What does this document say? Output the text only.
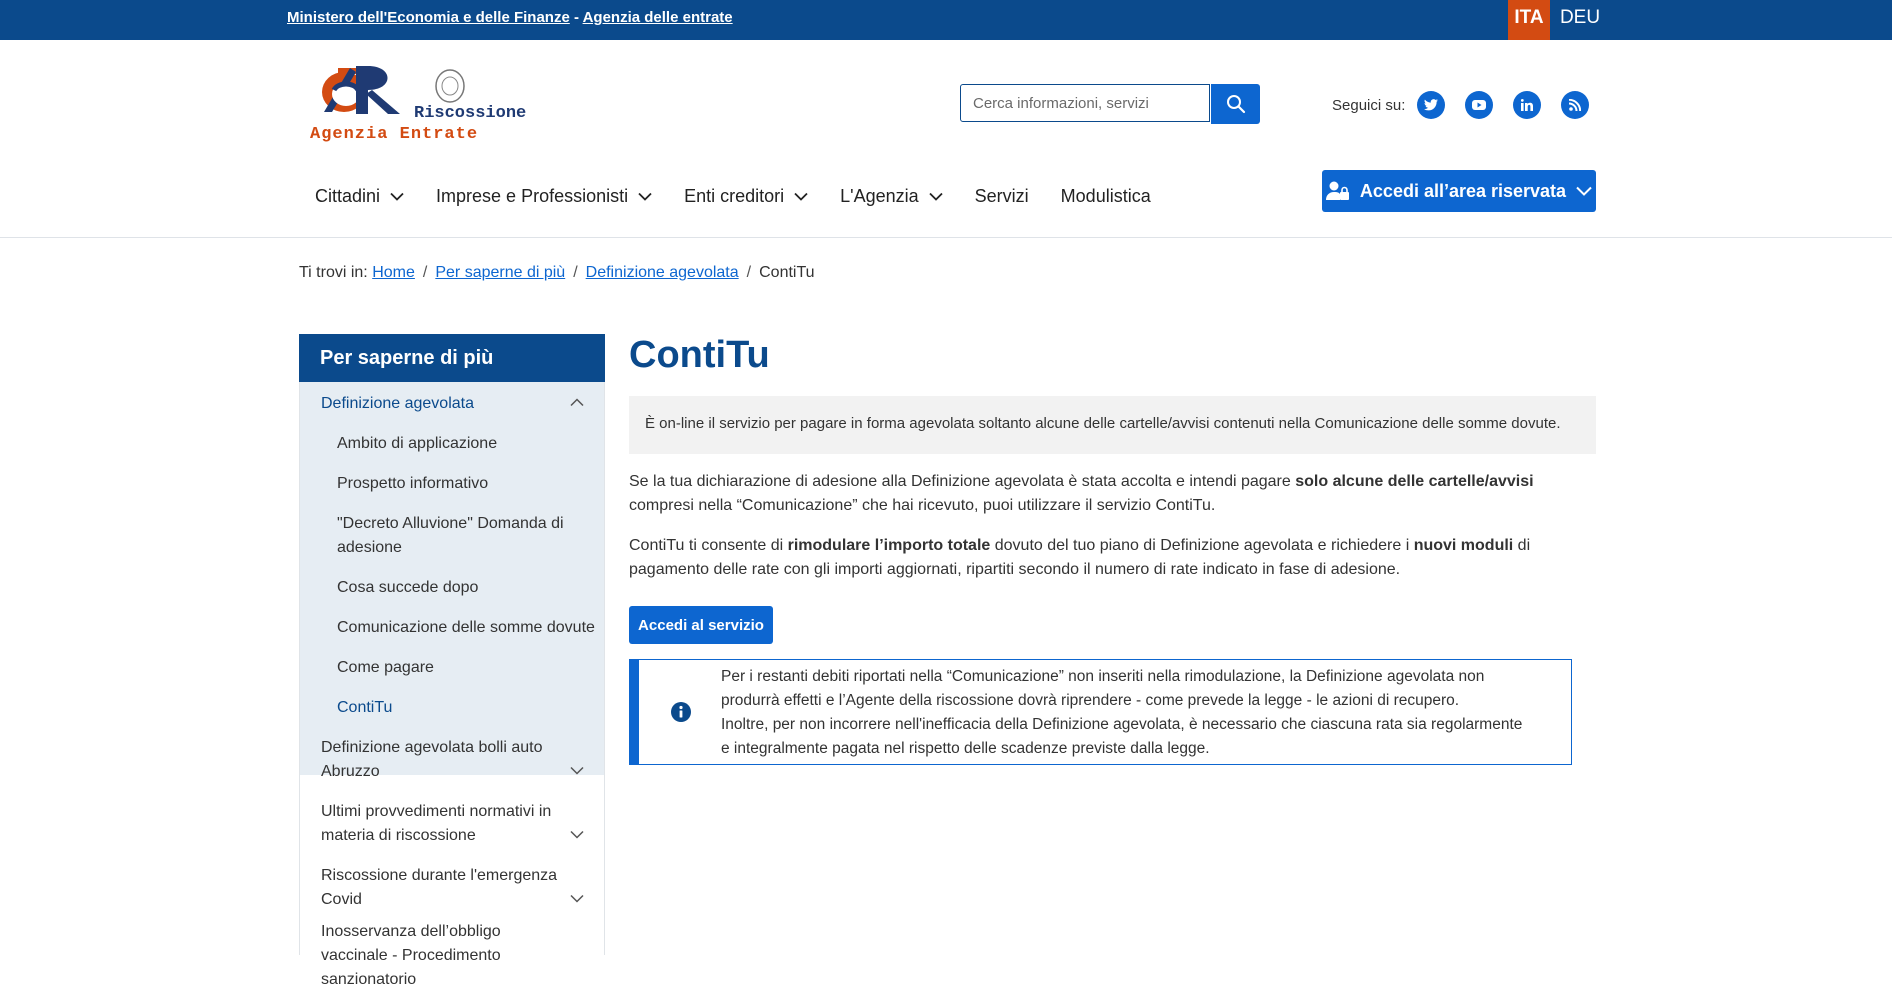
Ministero dell'Economia e delle Finanze - Agenzia delle entrate	ITA DEU
Riscossione
Agenzia Entrate
Cerca informazioni, servizi
Seguici su:
Cittadini	Imprese e Professionisti	Enti creditori	L'Agenzia	Servizi Modulistica	Accedi all’area riservata
Ti trovi in: Home / Per saperne di più / Definizione agevolata / ContiTu
Per saperne di più
Definizione agevolata
Ambito di applicazione
Prospetto informativo
"Decreto Alluvione" Domanda di adesione
Cosa succede dopo
Comunicazione delle somme dovute
Come pagare
ContiTu
Definizione agevolata bolli auto Abruzzo
Ultimi provvedimenti normativi in materia di riscossione
Riscossione durante l'emergenza Covid
Inosservanza dell’obbligo vaccinale - Procedimento sanzionatorio
ContiTu
È on-line il servizio per pagare in forma agevolata soltanto alcune delle cartelle/avvisi contenuti nella Comunicazione delle somme dovute.
Se la tua dichiarazione di adesione alla Definizione agevolata è stata accolta e intendi pagare solo alcune delle cartelle/avvisi compresi nella “Comunicazione” che hai ricevuto, puoi utilizzare il servizio ContiTu.
ContiTu ti consente di rimodulare l’importo totale dovuto del tuo piano di Definizione agevolata e richiedere i nuovi moduli di pagamento delle rate con gli importi aggiornati, ripartiti secondo il numero di rate indicato in fase di adesione.
Accedi al servizio
Per i restanti debiti riportati nella “Comunicazione” non inseriti nella rimodulazione, la Definizione agevolata non produrrà effetti e l’Agente della riscossione dovrà riprendere - come prevede la legge - le azioni di recupero.
Inoltre, per non incorrere nell'inefficacia della Definizione agevolata, è necessario che ciascuna rata sia regolarmente e integralmente pagata nel rispetto delle scadenze previste dalla legge.
